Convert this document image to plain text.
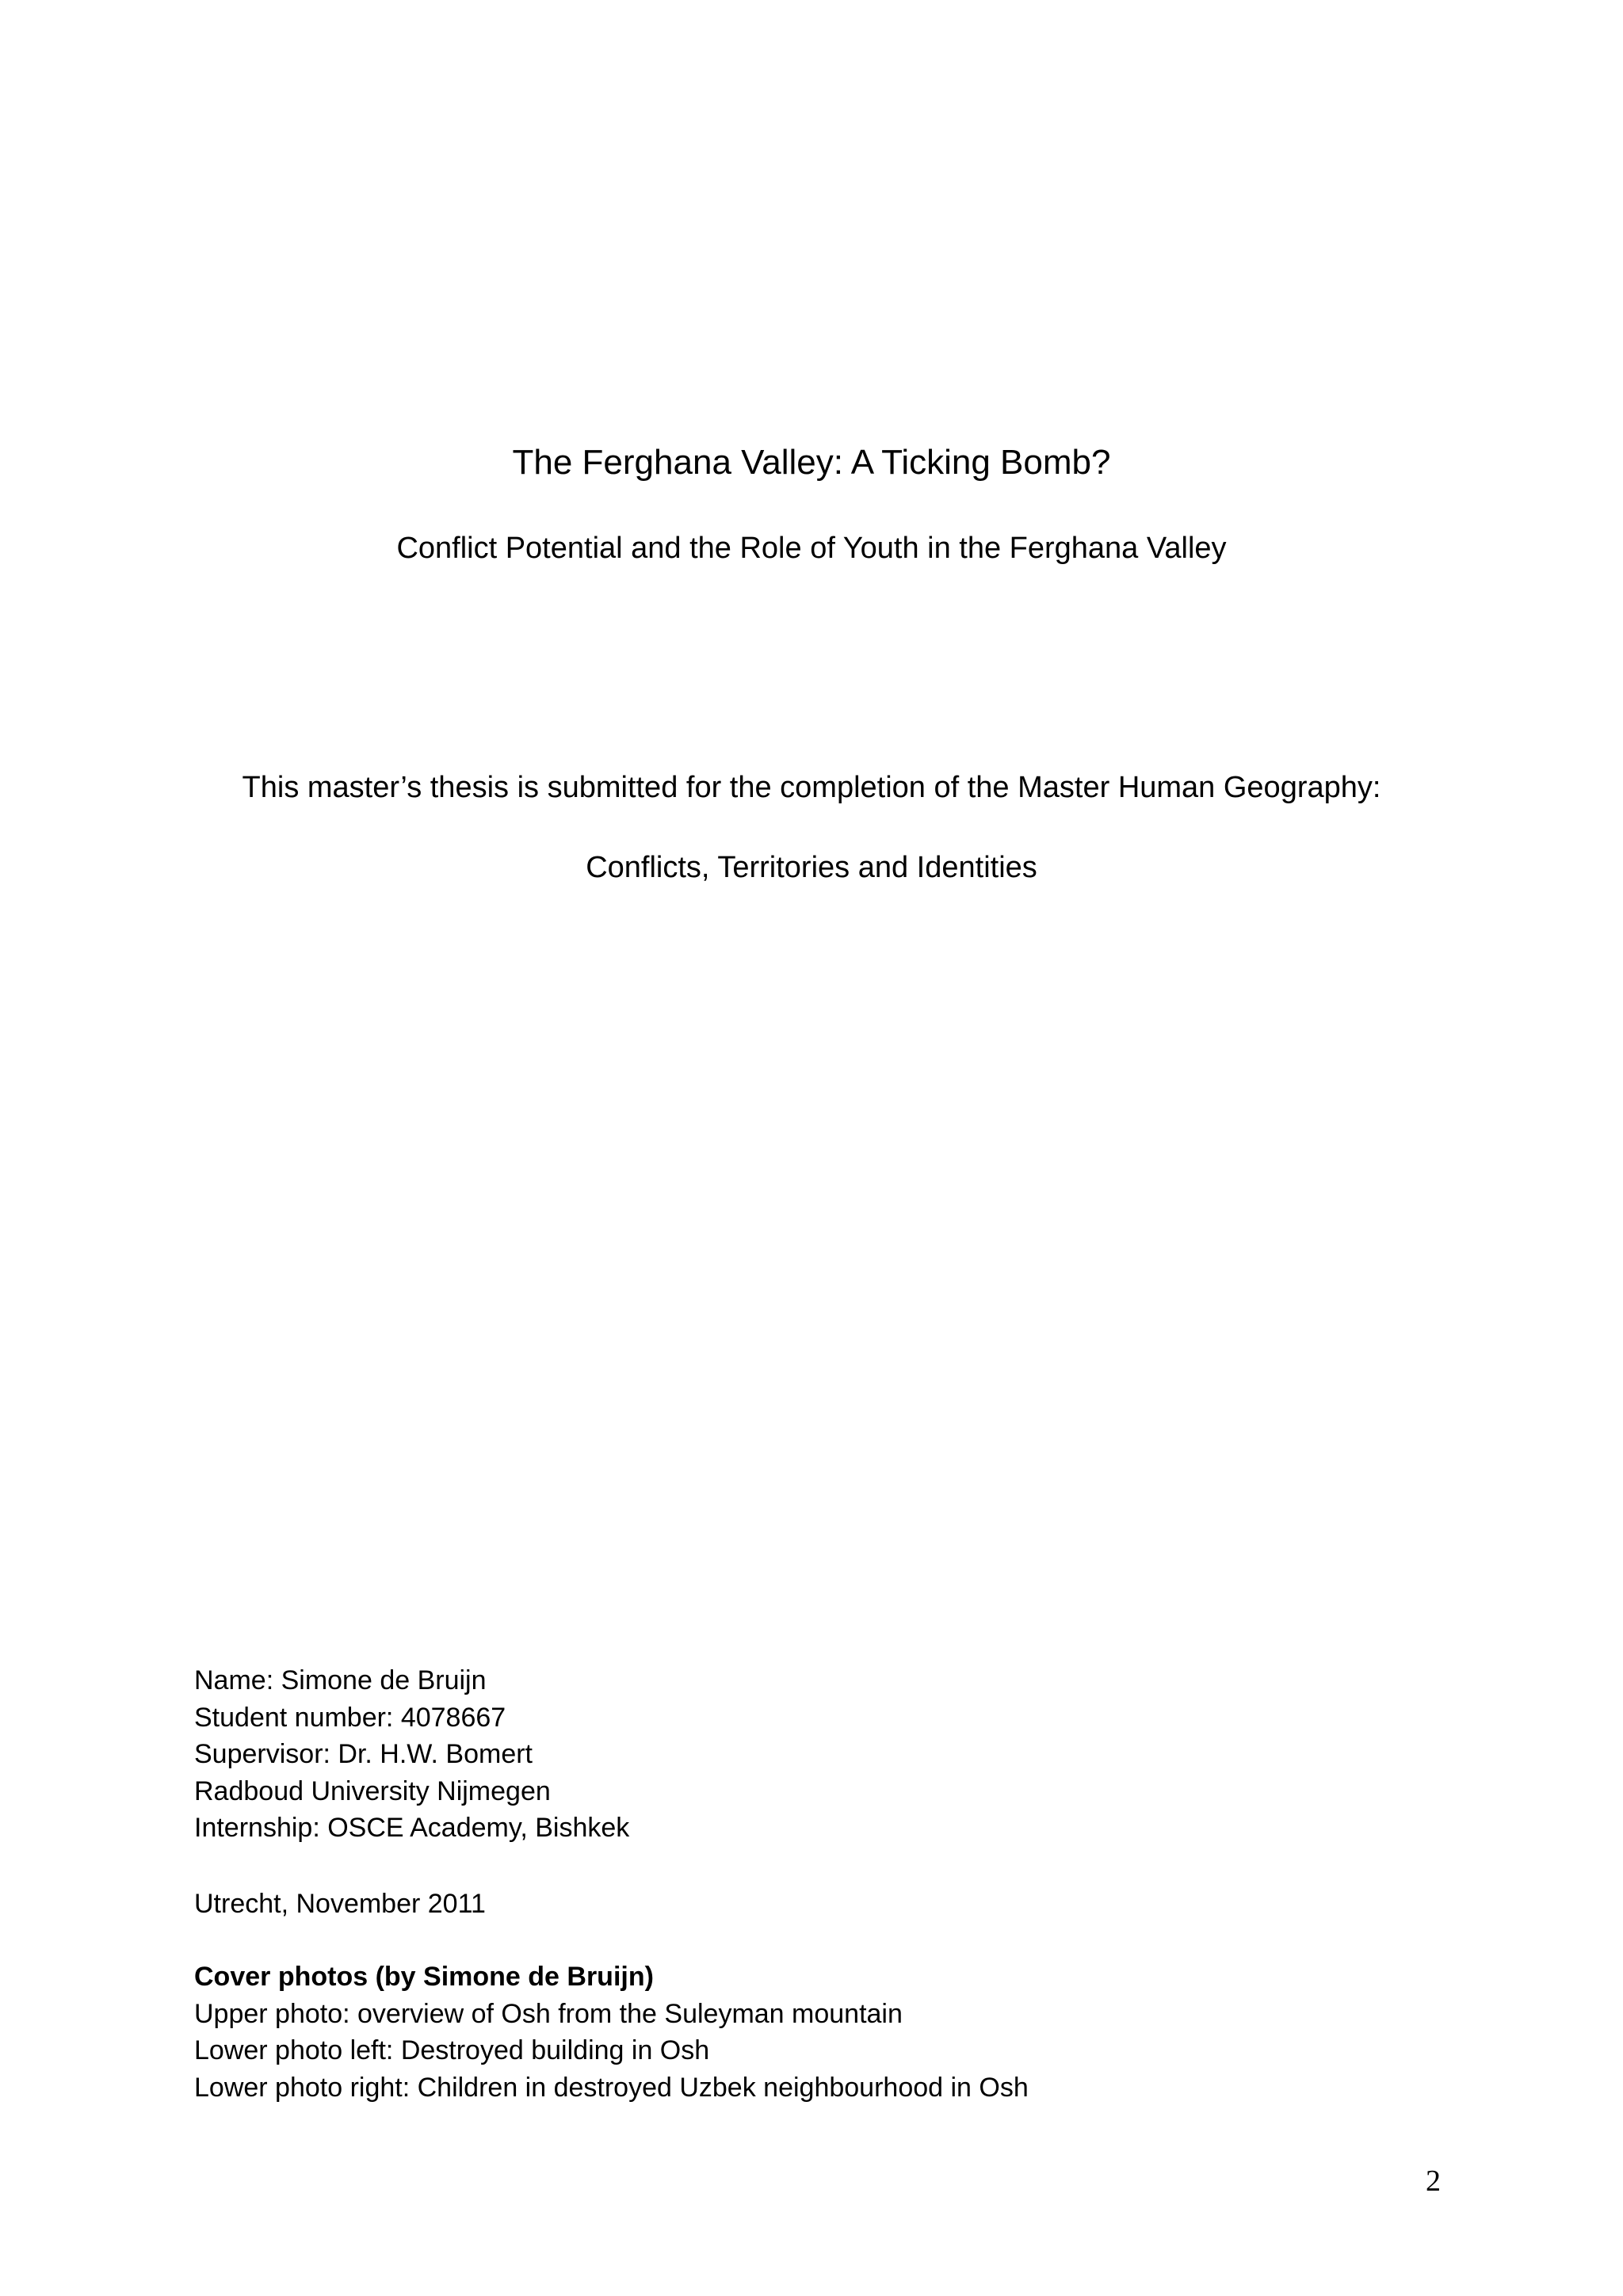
The Ferghana Valley: A Ticking Bomb?
Conflict Potential and the Role of Youth in the Ferghana Valley
This master’s thesis is submitted for the completion of the Master Human Geography:
Conflicts, Territories and Identities
Name: Simone de Bruijn
Student number: 4078667
Supervisor: Dr. H.W. Bomert
Radboud University Nijmegen
Internship: OSCE Academy, Bishkek
Utrecht, November 2011
Cover photos (by Simone de Bruijn)
Upper photo: overview of Osh from the Suleyman mountain
Lower photo left: Destroyed building in Osh
Lower photo right: Children in destroyed Uzbek neighbourhood in Osh
2
